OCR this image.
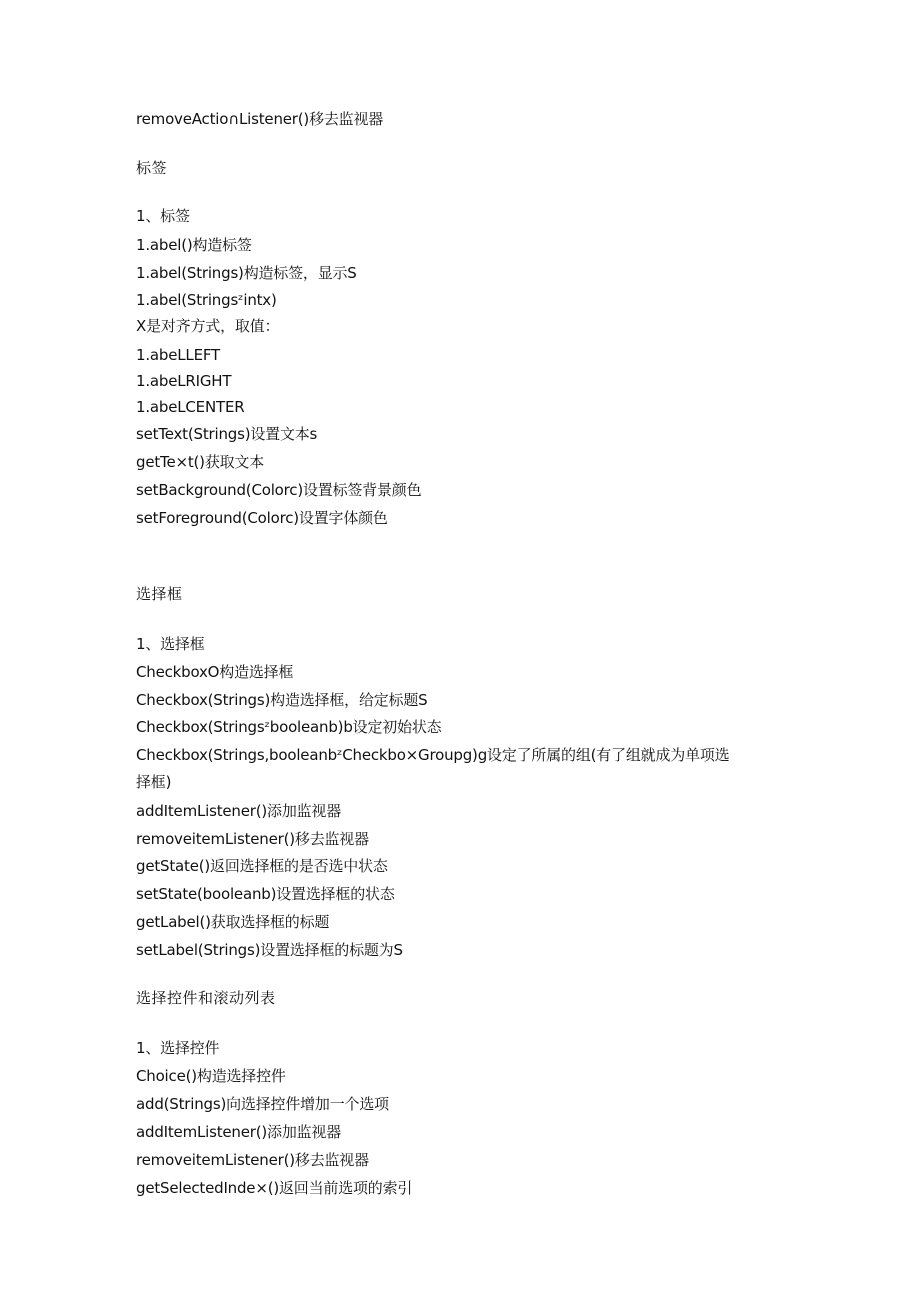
removeActio∩Listener()移去监视器
标签
1、标签
1.abel()构造标签
1.abel(Strings)构造标签，显示S
1.abel(Stringsᶻintx)
X是对齐方式，取值：
1.abeLLEFT
1.abeLRIGHT
1.abeLCENTER
setText(Strings)设置文本s
getTe×t()获取文本
setBackground(Colorc)设置标签背景颜色
setForeground(Colorc)设置字体颜色
选择框
1、选择框
CheckboxO构造选择框
Checkbox(Strings)构造选择框，给定标题S
Checkbox(Stringsᶻbooleanb)b设定初始状态
Checkbox(Strings,booleanbᶻCheckbo×Groupg)g设定了所属的组(有了组就成为单项选
择框)
addItemListener()添加监视器
removeitemListener()移去监视器
getState()返回选择框的是否选中状态
setState(booleanb)设置选择框的状态
getLabel()获取选择框的标题
setLabel(Strings)设置选择框的标题为S
选择控件和滚动列表
1、选择控件
Choice()构造选择控件
add(Strings)向选择控件增加一个选项
addItemListener()添加监视器
removeitemListener()移去监视器
getSelectedInde×()返回当前选项的索引
